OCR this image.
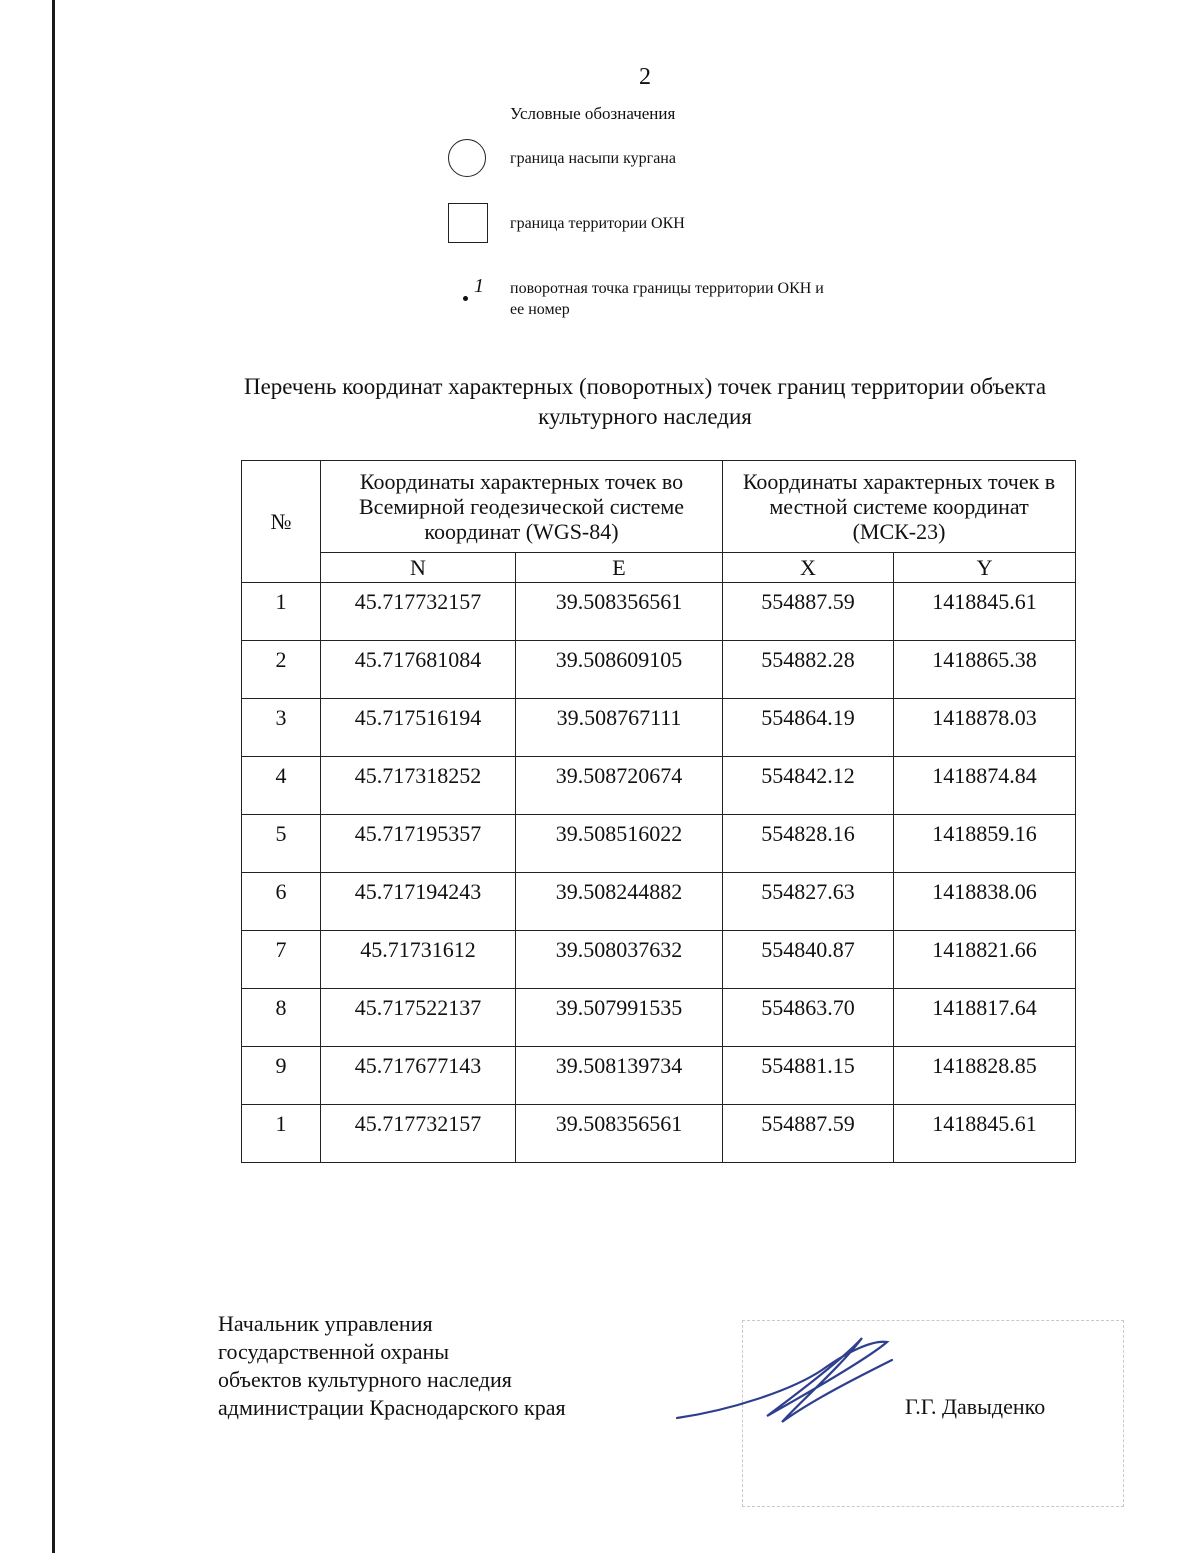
2
Условные обозначения
граница насыпи кургана
граница территории ОКН
1 поворотная точка границы территории ОКН и ее номер
Перечень координат характерных (поворотных) точек границ территории объекта культурного наследия
№	Координаты характерных точек во Всемирной геодезической системе координат (WGS-84)		Координаты характерных точек в местной системе координат (МСК-23)	
	N	E	X	Y
1	45.717732157	39.508356561	554887.59	1418845.61
2	45.717681084	39.508609105	554882.28	1418865.38
3	45.717516194	39.508767111	554864.19	1418878.03
4	45.717318252	39.508720674	554842.12	1418874.84
5	45.717195357	39.508516022	554828.16	1418859.16
6	45.717194243	39.508244882	554827.63	1418838.06
7	45.71731612	39.508037632	554840.87	1418821.66
8	45.717522137	39.507991535	554863.70	1418817.64
9	45.717677143	39.508139734	554881.15	1418828.85
1	45.717732157	39.508356561	554887.59	1418845.61
Начальник управления
государственной охраны
объектов культурного наследия
администрации Краснодарского края	Г.Г. Давыденко
